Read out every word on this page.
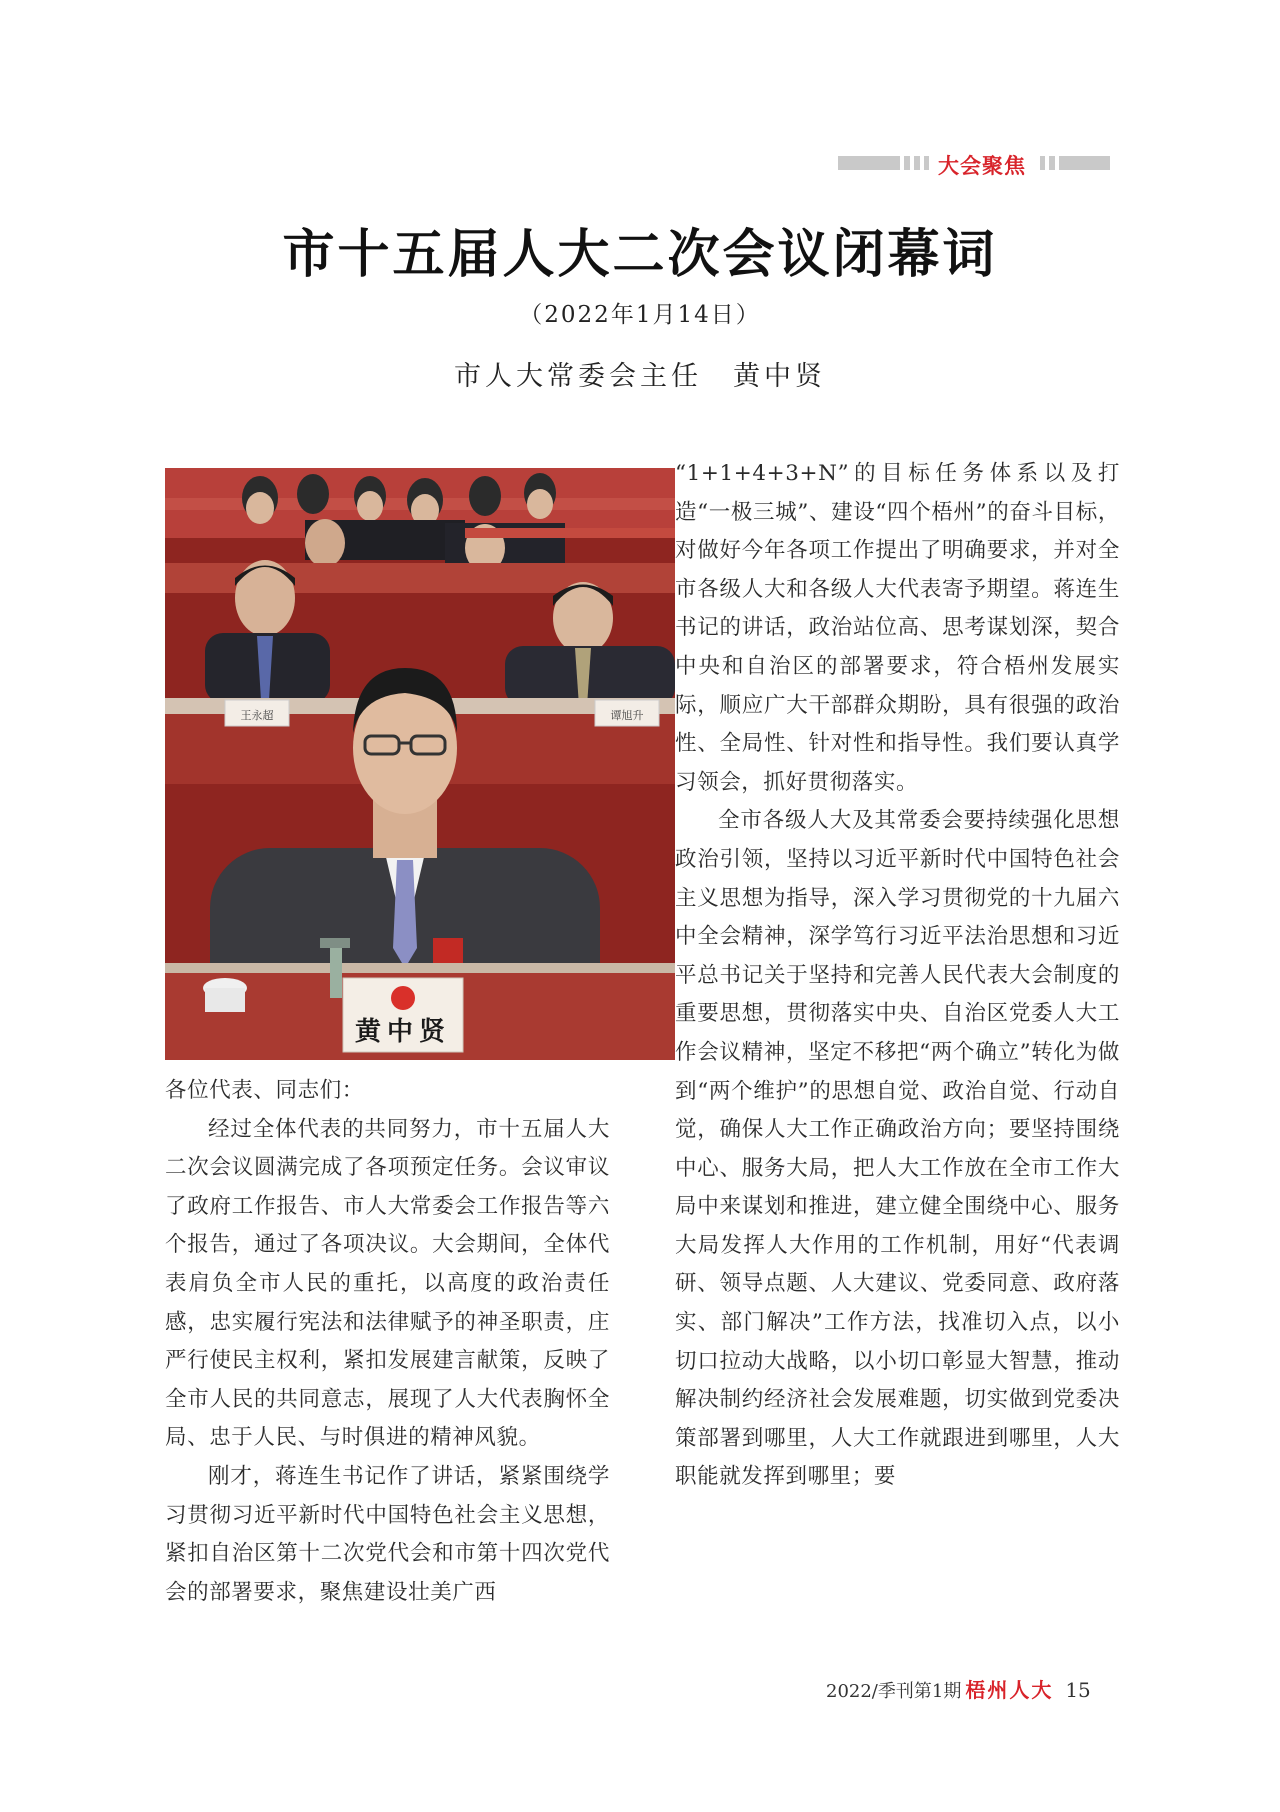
大会聚焦
市十五届人大二次会议闭幕词
（2022年1月14日）
市人大常委会主任　黄中贤
王永超	谭旭升
黄中贤

各位代表、同志们：

经过全体代表的共同努力，市十五届人大二次会议圆满完成了各项预定任务。会议审议了政府工作报告、市人大常委会工作报告等六个报告，通过了各项决议。大会期间，全体代表肩负全市人民的重托，以高度的政治责任感，忠实履行宪法和法律赋予的神圣职责，庄严行使民主权利，紧扣发展建言献策，反映了全市人民的共同意志，展现了人大代表胸怀全局、忠于人民、与时俱进的精神风貌。

刚才，蒋连生书记作了讲话，紧紧围绕学习贯彻习近平新时代中国特色社会主义思想，紧扣自治区第十二次党代会和市第十四次党代会的部署要求，聚焦建设壮美广西

“1+1+4+3+N”的目标任务体系以及打造“一极三城”、建设“四个梧州”的奋斗目标，对做好今年各项工作提出了明确要求，并对全市各级人大和各级人大代表寄予期望。蒋连生书记的讲话，政治站位高、思考谋划深，契合中央和自治区的部署要求，符合梧州发展实际，顺应广大干部群众期盼，具有很强的政治性、全局性、针对性和指导性。我们要认真学习领会，抓好贯彻落实。

全市各级人大及其常委会要持续强化思想政治引领，坚持以习近平新时代中国特色社会主义思想为指导，深入学习贯彻党的十九届六中全会精神，深学笃行习近平法治思想和习近平总书记关于坚持和完善人民代表大会制度的重要思想，贯彻落实中央、自治区党委人大工作会议精神，坚定不移把“两个确立”转化为做到“两个维护”的思想自觉、政治自觉、行动自觉，确保人大工作正确政治方向；要坚持围绕中心、服务大局，把人大工作放在全市工作大局中来谋划和推进，建立健全围绕中心、服务大局发挥人大作用的工作机制，用好“代表调研、领导点题、人大建议、党委同意、政府落实、部门解决”工作方法，找准切入点，以小切口拉动大战略，以小切口彰显大智慧，推动解决制约经济社会发展难题，切实做到党委决策部署到哪里，人大工作就跟进到哪里，人大职能就发挥到哪里；要

2022/季刊第1期 梧州人大 15
